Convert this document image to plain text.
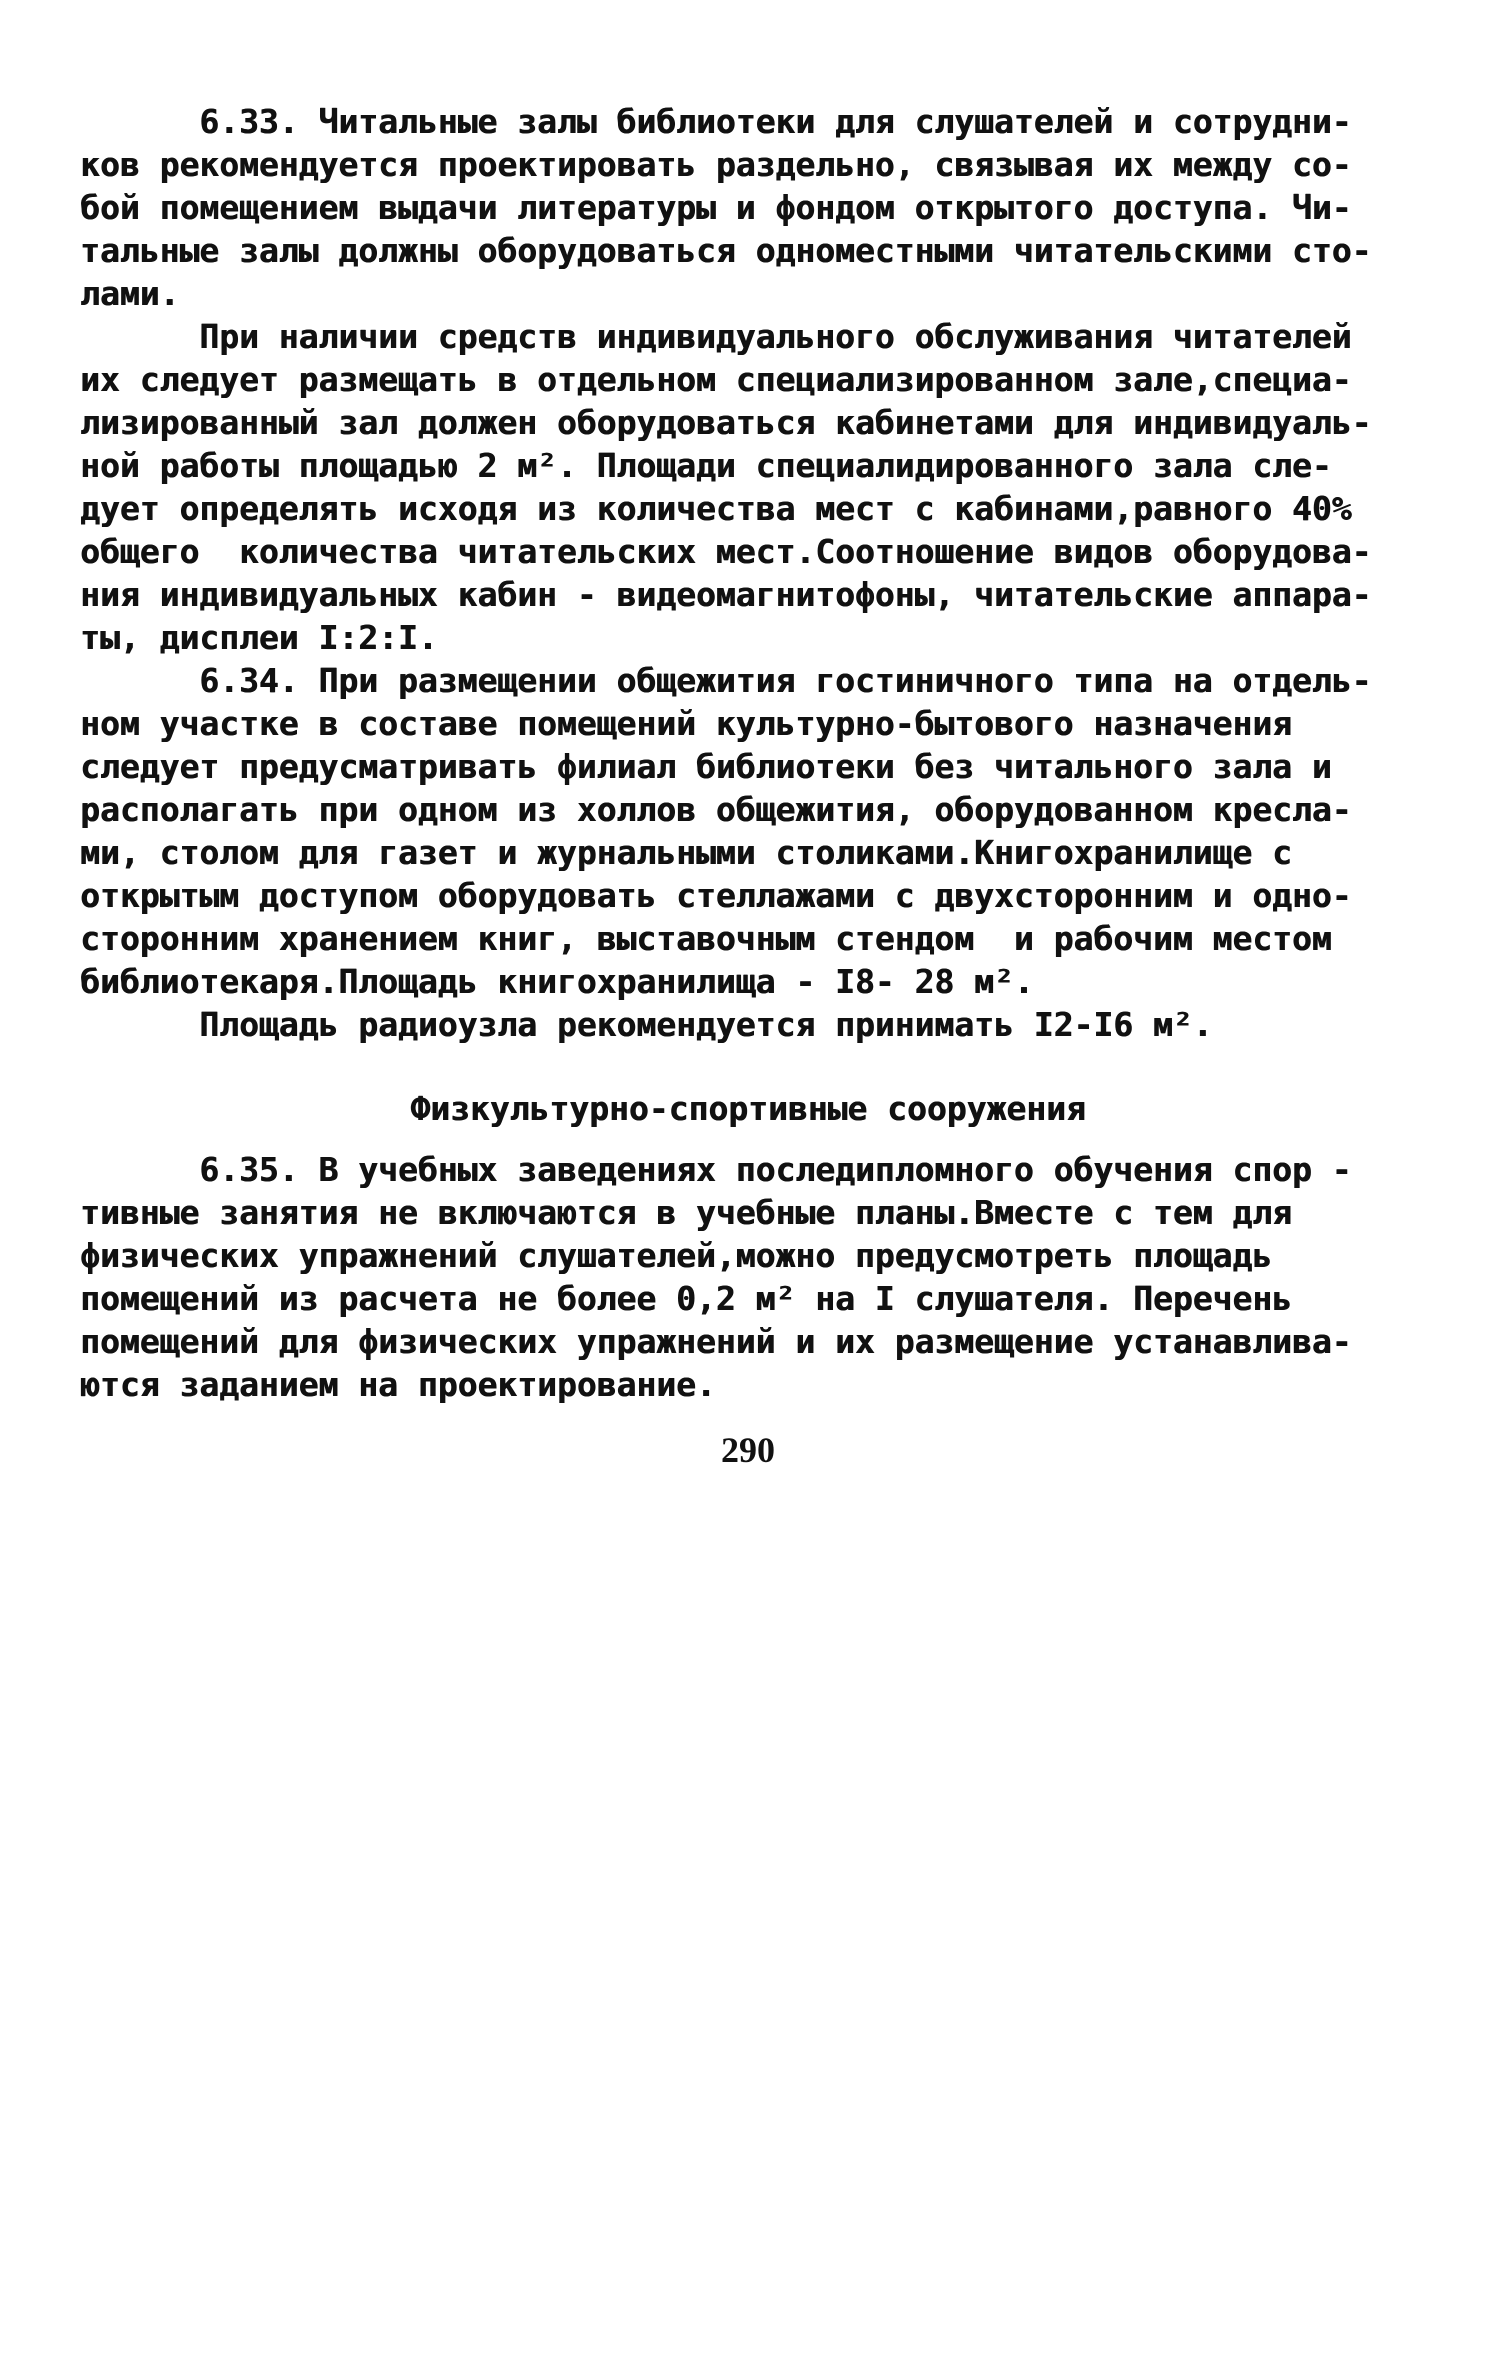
6.33. Читальные залы библиотеки для слушателей и сотрудни-
ков рекомендуется проектировать раздельно, связывая их между со-
бой помещением выдачи литературы и фондом открытого доступа. Чи-
тальные залы должны оборудоваться одноместными читательскими сто-
лами.
При наличии средств индивидуального обслуживания читателей
их следует размещать в отдельном специализированном зале,специа-
лизированный зал должен оборудоваться кабинетами для индивидуаль-
ной работы площадью 2 м². Площади специалидированного зала сле-
дует определять исходя из количества мест с кабинами,равного 40%
общего  количества читательских мест.Соотношение видов оборудова-
ния индивидуальных кабин - видеомагнитофоны, читательские аппара-
ты, дисплеи I:2:I.
6.34. При размещении общежития гостиничного типа на отдель-
ном участке в составе помещений культурно-бытового назначения
следует предусматривать филиал библиотеки без читального зала и
располагать при одном из холлов общежития, оборудованном кресла-
ми, столом для газет и журнальными столиками.Книгохранилище с
открытым доступом оборудовать стеллажами с двухсторонним и одно-
сторонним хранением книг, выставочным стендом  и рабочим местом
библиотекаря.Площадь книгохранилища - I8- 28 м².
Площадь радиоузла рекомендуется принимать I2-I6 м².
Физкультурно-спортивные сооружения
6.35. В учебных заведениях последипломного обучения спор -
тивные занятия не включаются в учебные планы.Вместе с тем для
физических упражнений слушателей,можно предусмотреть площадь
помещений из расчета не более 0,2 м² на I слушателя. Перечень
помещений для физических упражнений и их размещение устанавлива-
ются заданием на проектирование.
290
